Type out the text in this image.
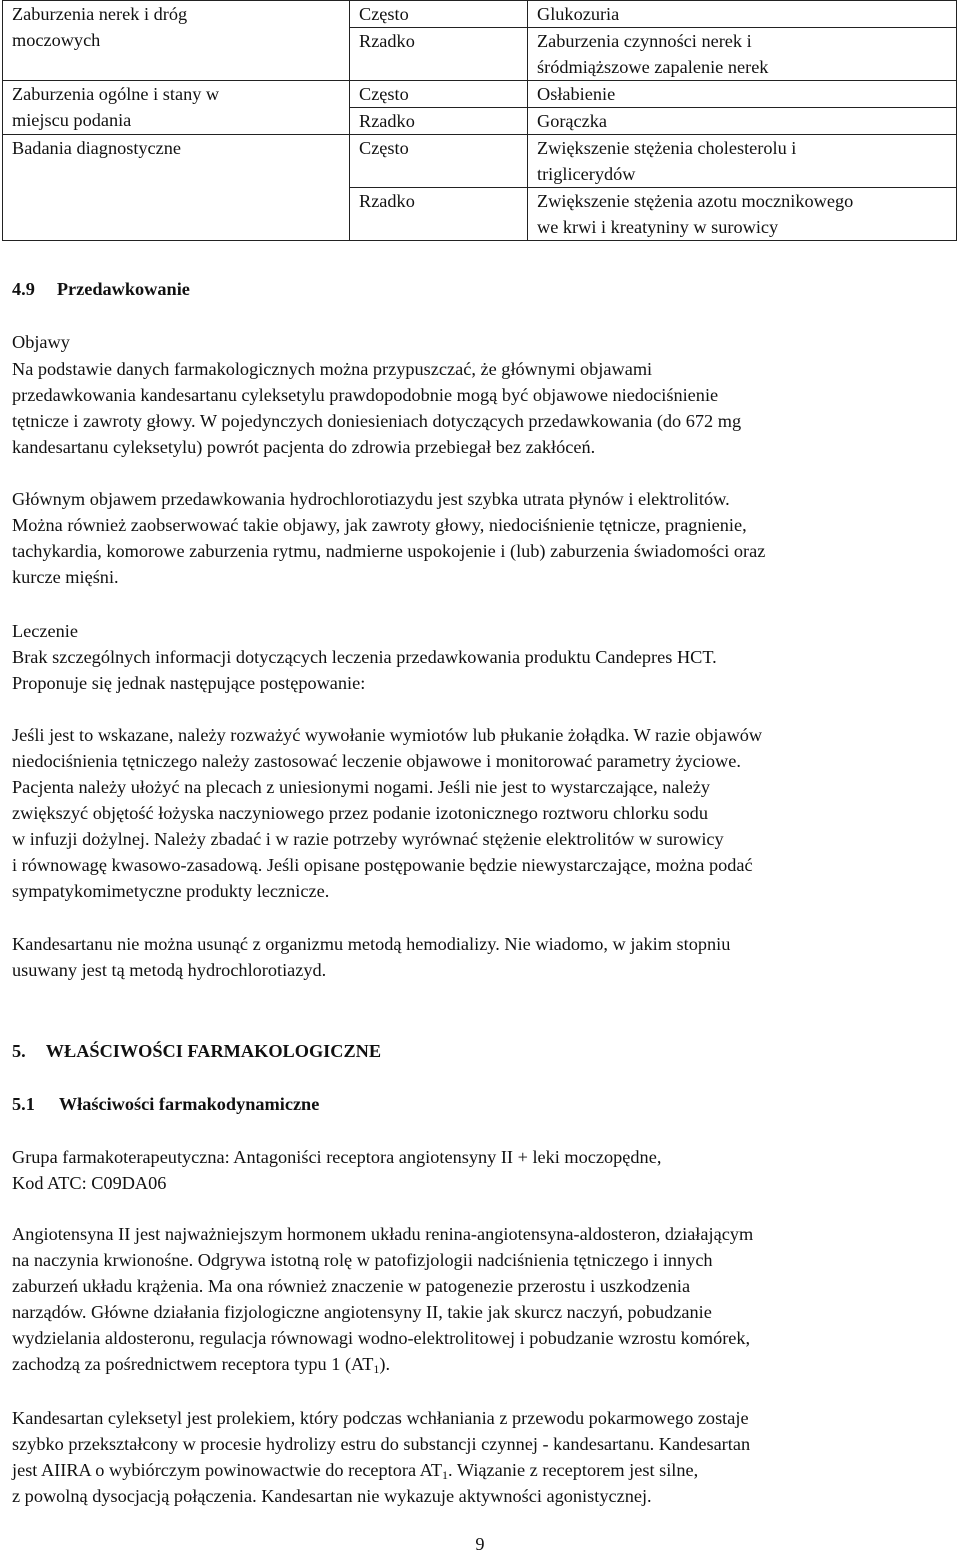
Zaburzenia nerek i dróg
moczowych	Często	Glukozuria
	Rzadko	Zaburzenia czynności nerek i
śródmiąższowe zapalenie nerek
Zaburzenia ogólne i stany w
miejscu podania	Często	Osłabienie
	Rzadko	Gorączka
Badania diagnostyczne	Często	Zwiększenie stężenia cholesterolu i
triglicerydów
	Rzadko	Zwiększenie stężenia azotu mocznikowego
we krwi i kreatyniny w surowicy
4.9 Przedawkowanie
Objawy
Na podstawie danych farmakologicznych można przypuszczać, że głównymi objawami
przedawkowania kandesartanu cyleksetylu prawdopodobnie mogą być objawowe niedociśnienie
tętnicze i zawroty głowy. W pojedynczych doniesieniach dotyczących przedawkowania (do 672 mg
kandesartanu cyleksetylu) powrót pacjenta do zdrowia przebiegał bez zakłóceń.
Głównym objawem przedawkowania hydrochlorotiazydu jest szybka utrata płynów i elektrolitów.
Można również zaobserwować takie objawy, jak zawroty głowy, niedociśnienie tętnicze, pragnienie,
tachykardia, komorowe zaburzenia rytmu, nadmierne uspokojenie i (lub) zaburzenia świadomości oraz
kurcze mięśni.
Leczenie
Brak szczególnych informacji dotyczących leczenia przedawkowania produktu Candepres HCT.
Proponuje się jednak następujące postępowanie:
Jeśli jest to wskazane, należy rozważyć wywołanie wymiotów lub płukanie żołądka. W razie objawów
niedociśnienia tętniczego należy zastosować leczenie objawowe i monitorować parametry życiowe.
Pacjenta należy ułożyć na plecach z uniesionymi nogami. Jeśli nie jest to wystarczające, należy
zwiększyć objętość łożyska naczyniowego przez podanie izotonicznego roztworu chlorku sodu
w infuzji dożylnej. Należy zbadać i w razie potrzeby wyrównać stężenie elektrolitów w surowicy
i równowagę kwasowo-zasadową. Jeśli opisane postępowanie będzie niewystarczające, można podać
sympatykomimetyczne produkty lecznicze.
Kandesartanu nie można usunąć z organizmu metodą hemodializy. Nie wiadomo, w jakim stopniu
usuwany jest tą metodą hydrochlorotiazyd.
5. WŁAŚCIWOŚCI FARMAKOLOGICZNE
5.1 Właściwości farmakodynamiczne
Grupa farmakoterapeutyczna: Antagoniści receptora angiotensyny II + leki moczopędne,
Kod ATC: C09DA06
Angiotensyna II jest najważniejszym hormonem układu renina-angiotensyna-aldosteron, działającym
na naczynia krwionośne. Odgrywa istotną rolę w patofizjologii nadciśnienia tętniczego i innych
zaburzeń układu krążenia. Ma ona również znaczenie w patogenezie przerostu i uszkodzenia
narządów. Główne działania fizjologiczne angiotensyny II, takie jak skurcz naczyń, pobudzanie
wydzielania aldosteronu, regulacja równowagi wodno-elektrolitowej i pobudzanie wzrostu komórek,
zachodzą za pośrednictwem receptora typu 1 $(AT_1)$.
Kandesartan cyleksetyl jest prolekiem, który podczas wchłaniania z przewodu pokarmowego zostaje
szybko przekształcony w procesie hydrolizy estru do substancji czynnej - kandesartanu. Kandesartan
jest AIIRA o wybiórczym powinowactwie do receptora $AT_1$. Wiązanie z receptorem jest silne,
z powolną dysocjacją połączenia. Kandesartan nie wykazuje aktywności agonistycznej.
9
